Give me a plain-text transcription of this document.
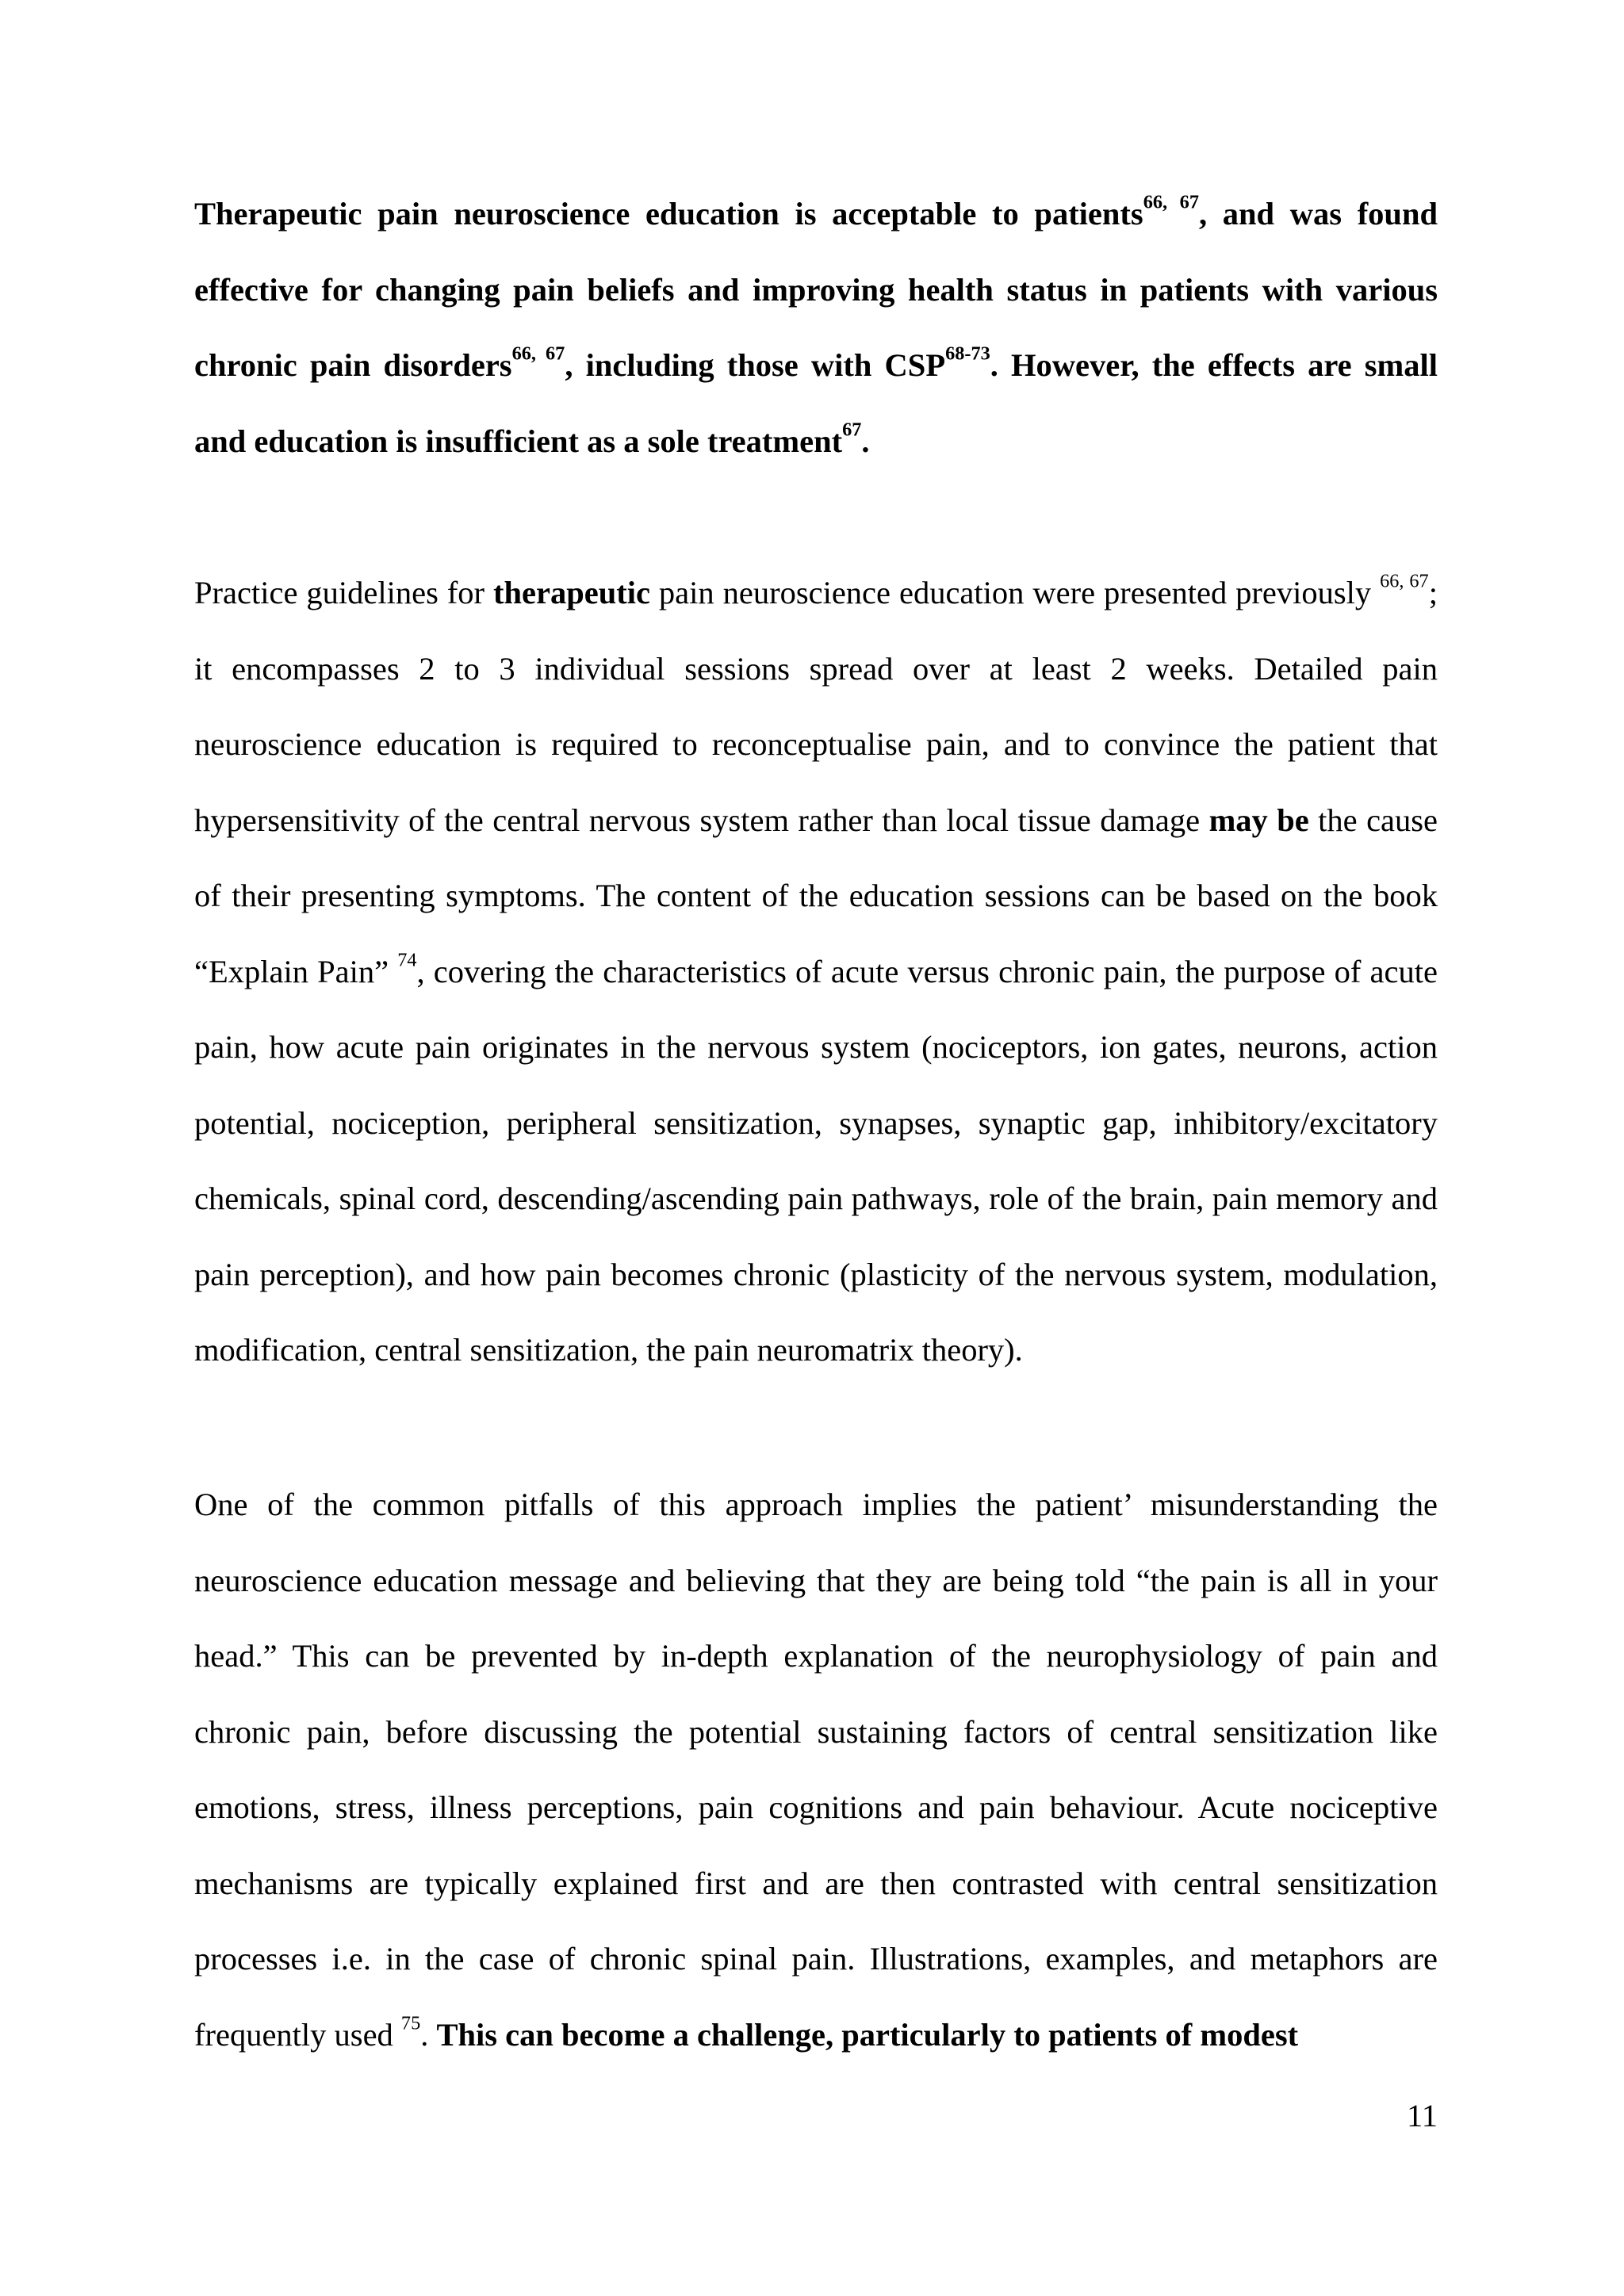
Therapeutic pain neuroscience education is acceptable to patients$^{66, 67}$, and was found effective for changing pain beliefs and improving health status in patients with various chronic pain disorders$^{66, 67}$, including those with CSP$^{68-73}$. However, the effects are small and education is insufficient as a sole treatment$^{67}$.

Practice guidelines for therapeutic pain neuroscience education were presented previously $^{66, 67}$; it encompasses 2 to 3 individual sessions spread over at least 2 weeks. Detailed pain neuroscience education is required to reconceptualise pain, and to convince the patient that hypersensitivity of the central nervous system rather than local tissue damage may be the cause of their presenting symptoms. The content of the education sessions can be based on the book “Explain Pain” $^{74}$, covering the characteristics of acute versus chronic pain, the purpose of acute pain, how acute pain originates in the nervous system (nociceptors, ion gates, neurons, action potential, nociception, peripheral sensitization, synapses, synaptic gap, inhibitory/excitatory chemicals, spinal cord, descending/ascending pain pathways, role of the brain, pain memory and pain perception), and how pain becomes chronic (plasticity of the nervous system, modulation, modification, central sensitization, the pain neuromatrix theory).

One of the common pitfalls of this approach implies the patient’ misunderstanding the neuroscience education message and believing that they are being told “the pain is all in your head.” This can be prevented by in-depth explanation of the neurophysiology of pain and chronic pain, before discussing the potential sustaining factors of central sensitization like emotions, stress, illness perceptions, pain cognitions and pain behaviour. Acute nociceptive mechanisms are typically explained first and are then contrasted with central sensitization processes i.e. in the case of chronic spinal pain. Illustrations, examples, and metaphors are frequently used $^{75}$. This can become a challenge, particularly to patients of modest

11
